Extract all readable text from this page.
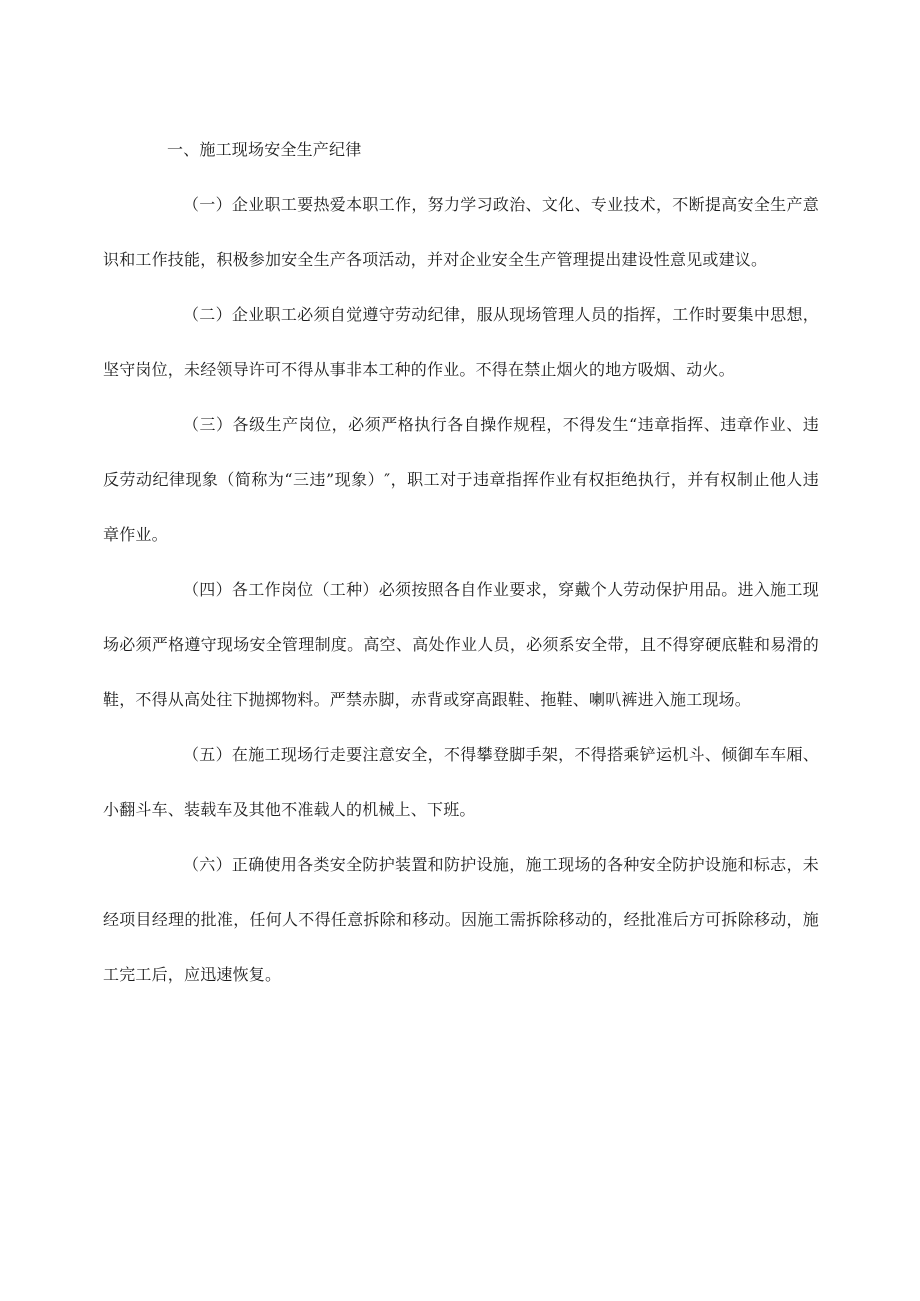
一、施工现场安全生产纪律

（一）企业职工要热爱本职工作，努力学习政治、文化、专业技术，不断提高安全生产意识和工作技能，积极参加安全生产各项活动，并对企业安全生产管理提出建设性意见或建议。

（二）企业职工必须自觉遵守劳动纪律，服从现场管理人员的指挥，工作时要集中思想，坚守岗位，未经领导许可不得从事非本工种的作业。不得在禁止烟火的地方吸烟、动火。

（三）各级生产岗位，必须严格执行各自操作规程，不得发生“违章指挥、违章作业、违反劳动纪律现象（简称为“三违”现象）″，职工对于违章指挥作业有权拒绝执行，并有权制止他人违章作业。

（四）各工作岗位（工种）必须按照各自作业要求，穿戴个人劳动保护用品。进入施工现场必须严格遵守现场安全管理制度。高空、高处作业人员，必须系安全带，且不得穿硬底鞋和易滑的鞋，不得从高处往下抛掷物料。严禁赤脚，赤背或穿高跟鞋、拖鞋、喇叭裤进入施工现场。

（五）在施工现场行走要注意安全，不得攀登脚手架，不得搭乘铲运机斗、倾御车车厢、小翻斗车、装载车及其他不准载人的机械上、下班。

（六）正确使用各类安全防护装置和防护设施，施工现场的各种安全防护设施和标志，未经项目经理的批准，任何人不得任意拆除和移动。因施工需拆除移动的，经批准后方可拆除移动，施工完工后，应迅速恢复。
